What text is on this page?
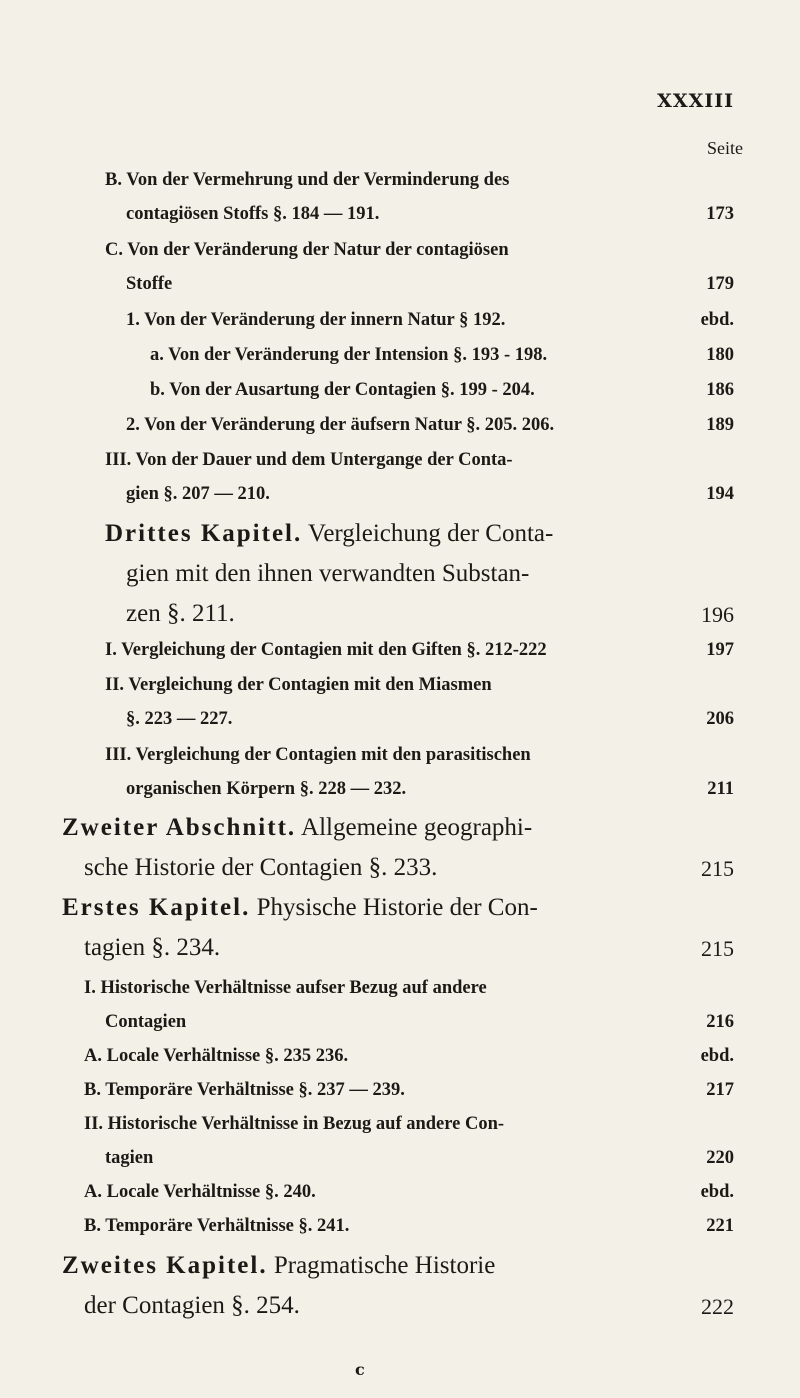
XXXIII
Seite
B. Von der Vermehrung und der Verminderung des
contagiösen Stoffs §. 184 — 191.	173
C. Von der Veränderung der Natur der contagiösen
Stoffe	179
1. Von der Veränderung der innern Natur § 192.	ebd.
a. Von der Veränderung der Intension §. 193 - 198.	180
b. Von der Ausartung der Contagien §. 199 - 204.	186
2. Von der Veränderung der äufsern Natur §. 205. 206.	189
III. Von der Dauer und dem Untergange der Conta-
gien §. 207 — 210.	194
Drittes Kapitel. Vergleichung der Conta-
gien mit den ihnen verwandten Substan-
zen §. 211.	196
I. Vergleichung der Contagien mit den Giften §. 212-222	197
II. Vergleichung der Contagien mit den Miasmen
§. 223 — 227.	206
III. Vergleichung der Contagien mit den parasitischen
organischen Körpern §. 228 — 232.	211
Zweiter Abschnitt. Allgemeine geographi-
sche Historie der Contagien §. 233.	215
Erstes Kapitel. Physische Historie der Con-
tagien §. 234.	215
I. Historische Verhältnisse aufser Bezug auf andere
Contagien	216
A. Locale Verhältnisse §. 235 236.	ebd.
B. Temporäre Verhältnisse §. 237 — 239.	217
II. Historische Verhältnisse in Bezug auf andere Con-
tagien	220
A. Locale Verhältnisse §. 240.	ebd.
B. Temporäre Verhältnisse §. 241.	221
Zweites Kapitel. Pragmatische Historie
der Contagien §. 254.	222
c
